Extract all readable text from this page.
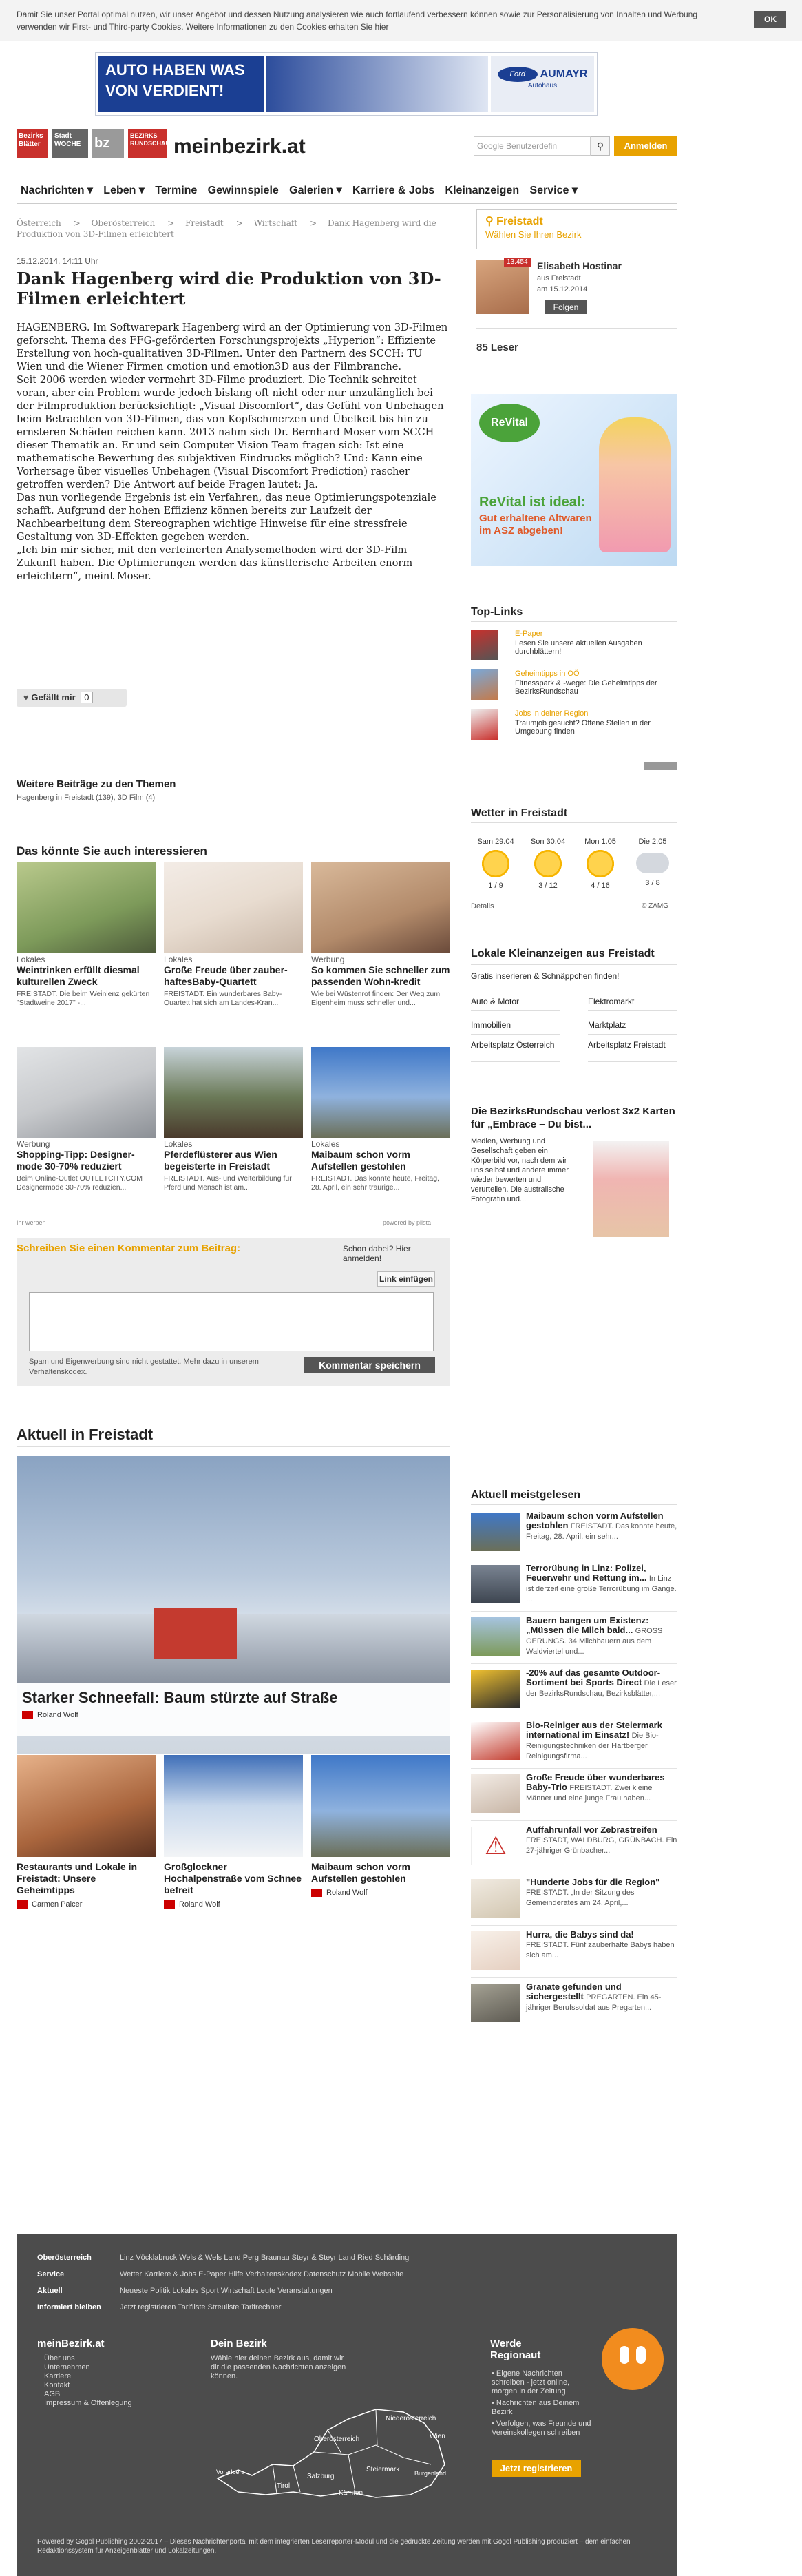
Damit Sie unser Portal optimal nutzen, wir unser Angebot und dessen Nutzung analysieren wie auch fortlaufend verbessern können sowie zur Personalisierung von Inhalten und Werbung verwenden wir First- und Third-party Cookies. Weitere Informationen zu den Cookies erhalten Sie hier
OK
AUTO HABEN WAS VON VERDIENT!
Ford AUMAYR
Autohaus
Bezirks Blätter
Stadt WOCHE bz	BEZIRKS RUNDSCHAU meinbezirk.at	Google Benutzerdefin	⚲	Anmelden
Nachrichten ▾ Leben ▾ Termine Gewinnspiele Galerien ▾ Karriere & Jobs Kleinanzeigen Service ▾
Österreich > Oberösterreich > Freistadt > Wirtschaft > Dank Hagenberg wird die Produktion von 3D-Filmen erleichtert
⚲ Freistadt
Wählen Sie Ihren Bezirk
15.12.2014, 14:11 Uhr
Dank Hagenberg wird die Produktion von 3D-Filmen erleichtert

HAGENBERG. Im Softwarepark Hagenberg wird an der Optimierung von 3D-Filmen geforscht. Thema des FFG-geförderten Forschungsprojekts „Hyperion“: Effiziente Erstellung von hoch-qualitativen 3D-Filmen. Unter den Partnern des SCCH: TU Wien und die Wiener Firmen cmotion und emotion3D aus der Filmbranche.

Seit 2006 werden wieder vermehrt 3D-Filme produziert. Die Technik schreitet voran, aber ein Problem wurde jedoch bislang oft nicht oder nur unzulänglich bei der Filmproduktion berücksichtigt: „Visual Discomfort“, das Gefühl von Unbehagen beim Betrachten von 3D-Filmen, das von Kopfschmerzen und Übelkeit bis hin zu ernsteren Schäden reichen kann. 2013 nahm sich Dr. Bernhard Moser vom SCCH dieser Thematik an. Er und sein Computer Vision Team fragen sich: Ist eine mathematische Bewertung des subjektiven Eindrucks möglich? Und: Kann eine Vorhersage über visuelles Unbehagen (Visual Discomfort Prediction) rascher getroffen werden? Die Antwort auf beide Fragen lautet: Ja.

Das nun vorliegende Ergebnis ist ein Verfahren, das neue Optimierungspotenziale schafft. Aufgrund der hohen Effizienz können bereits zur Laufzeit der Nachbearbeitung dem Stereographen wichtige Hinweise für eine stressfreie Gestaltung von 3D-Effekten gegeben werden.

„Ich bin mir sicher, mit den verfeinerten Analysemethoden wird der 3D-Film Zukunft haben. Die Optimierungen werden das künstlerische Arbeiten enorm erleichtern“, meint Moser.

♥ Gefällt mir 0
f Teilen	✦ Twittern	+Teilen	</> Einbetten	✉ E-Mail	⚑ Melden
Weitere Beiträge zu den Themen
Hagenberg in Freistadt (139), 3D Film (4)
Das könnte Sie auch interessieren
Lokales
Weintrinken erfüllt diesmal kulturellen Zweck
FREISTADT. Die beim Weinlenz gekürten "Stadtweine 2017" -...
Lokales
Große Freude über zauber-haftesBaby-Quartett
FREISTADT. Ein wunderbares Baby-Quartett hat sich am Landes-Kran...
Werbung
So kommen Sie schneller zum passenden Wohn-kredit
Wie bei Wüstenrot finden: Der Weg zum Eigenheim muss schneller und...
Werbung
Shopping-Tipp: Designer-mode 30-70% reduziert
Beim Online-Outlet OUTLETCITY.COM Designermode 30-70% reduzien...
Lokales
Pferdeflüsterer aus Wien begeisterte in Freistadt
FREISTADT. Aus- und Weiterbildung für Pferd und Mensch ist am...
Lokales
Maibaum schon vorm Aufstellen gestohlen
FREISTADT. Das konnte heute, Freitag, 28. April, ein sehr traurige...
Ihr werben	powered by plista
Schreiben Sie einen Kommentar zum Beitrag:	Schon dabei? Hier anmelden!
Link einfügen
Spam und Eigenwerbung sind nicht gestattet. Mehr dazu in unserem Verhaltenskodex.
Kommentar speichern
13.454 Elisabeth Hostinar
aus Freistadt
am 15.12.2014
Folgen
85 Leser
ReVital
ReVital ist ideal:
Gut erhaltene Altwaren im ASZ abgeben!
Top-Links
E-Paper
Lesen Sie unsere aktuellen Ausgaben durchblättern!
Geheimtipps in OÖ
Fitnesspark & -wege: Die Geheimtipps der BezirksRundschau
Jobs in deiner Region
Traumjob gesucht? Offene Stellen in der Umgebung finden
Wetter in Freistadt
Sam 29.04
1 / 9
Son 30.04
3 / 12
Mon 1.05
4 / 16
Die 2.05
3 / 8
Details	© ZAMG
Lokale Kleinanzeigen aus Freistadt
Gratis inserieren & Schnäppchen finden!
Auto & Motor	Elektromarkt
Immobilien	Marktplatz
Arbeitsplatz Österreich	Arbeitsplatz Freistadt
Die BezirksRundschau verlost 3x2 Karten für „Embrace – Du bist...
Medien, Werbung und Gesellschaft geben ein Körperbild vor, nach dem wir uns selbst und andere immer wieder bewerten und verurteilen. Die australische Fotografin und...
Aktuell in Freistadt
Starker Schneefall: Baum stürzte auf Straße
Roland Wolf
Restaurants und Lokale in Freistadt: Unsere Geheimtipps
Carmen Palcer
Großglockner Hochalpenstraße vom Schnee befreit
Roland Wolf
Maibaum schon vorm Aufstellen gestohlen
Roland Wolf
Aktuell meistgelesen
Maibaum schon vorm Aufstellen gestohlen FREISTADT. Das konnte heute, Freitag, 28. April, ein sehr...
Terrorübung in Linz: Polizei, Feuerwehr und Rettung im... In Linz ist derzeit eine große Terrorübung im Gange. ...
Bauern bangen um Existenz: „Müssen die Milch bald... GROSS GERUNGS. 34 Milchbauern aus dem Waldviertel und...
-20% auf das gesamte Outdoor-Sortiment bei Sports Direct Die Leser der BezirksRundschau, Bezirksblätter,...
Bio-Reiniger aus der Steiermark international im Einsatz! Die Bio-Reinigungstechniken der Hartberger Reinigungsfirma...
Große Freude über wunderbares Baby-Trio FREISTADT. Zwei kleine Männer und eine junge Frau haben...
⚠
Auffahrunfall vor Zebrastreifen FREISTADT, WALDBURG, GRÜNBACH. Ein 27-jähriger Grünbacher...
"Hunderte Jobs für die Region" FREISTADT. „In der Sitzung des Gemeinderates am 24. April,...
Hurra, die Babys sind da! FREISTADT. Fünf zauberhafte Babys haben sich am...
Granate gefunden und sichergestellt PREGARTEN. Ein 45-jähriger Berufssoldat aus Pregarten...
Oberösterreich	Linz Vöcklabruck Wels & Wels Land Perg Braunau Steyr & Steyr Land Ried Schärding
Service	Wetter Karriere & Jobs E-Paper Hilfe Verhaltenskodex Datenschutz Mobile Webseite
Aktuell	Neueste Politik Lokales Sport Wirtschaft Leute Veranstaltungen
Informiert bleiben Jetzt registrieren Tarifliste Streuliste Tarifrechner
meinBezirk.at
Über uns
Unternehmen
Karriere
Kontakt
AGB
Impressum & Offenlegung
Dein Bezirk
Wähle hier deinen Bezirk aus, damit wir dir die passenden Nachrichten anzeigen können.
Oberösterreich
Niederösterreich
Wien
Steiermark
Salzburg
Kärnten
Tirol
Vorarlberg	Burgenland
Werde Regionaut
• Eigene Nachrichten schreiben - jetzt online, morgen in der Zeitung
• Nachrichten aus Deinem Bezirk
• Verfolgen, was Freunde und Vereinskollegen schreiben
Jetzt registrieren
Powered by Gogol Publishing 2002-2017 – Dieses Nachrichtenportal mit dem integrierten Leserreporter-Modul und die gedruckte Zeitung werden mit Gogol Publishing produziert – dem einfachen Redaktionssystem für Anzeigenblätter und Lokalzeitungen.
